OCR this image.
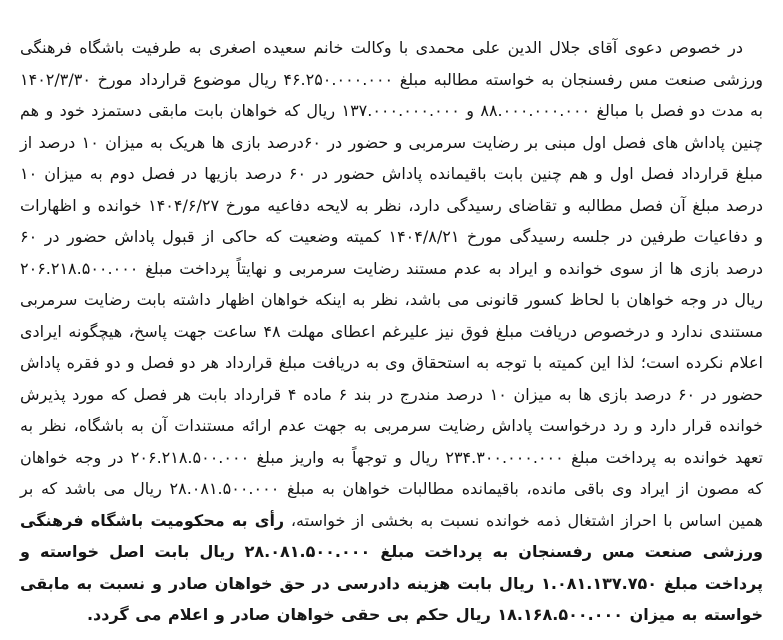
در خصوص دعوی آقای جلال الدین علی محمدی با وکالت خانم سعیده اصغری به طرفیت باشگاه فرهنگی ورزشی صنعت مس رفسنجان به خواسته مطالبه مبلغ ۴۶.۲۵۰.۰۰۰.۰۰۰ ریال موضوع قرارداد مورخ ۱۴۰۲/۳/۳۰ به مدت دو فصل با مبالغ ۸۸.۰۰۰.۰۰۰.۰۰۰ و ۱۳۷.۰۰۰.۰۰۰.۰۰۰ ریال که خواهان بابت مابقی دستمزد خود و هم چنین پاداش های فصل اول مبنی بر رضایت سرمربی و حضور در ۶۰درصد بازی ها هریک به میزان ۱۰ درصد از مبلغ قرارداد فصل اول و هم چنین بابت باقیمانده پاداش حضور در ۶۰ درصد بازیها در فصل دوم به میزان ۱۰ درصد مبلغ آن فصل مطالبه و تقاضای رسیدگی دارد، نظر به لایحه دفاعیه مورخ ۱۴۰۴/۶/۲۷ خوانده و اظهارات و دفاعیات طرفین در جلسه رسیدگی مورخ ۱۴۰۴/۸/۲۱ کمیته وضعیت که حاکی از قبول پاداش حضور در ۶۰ درصد بازی ها از سوی خوانده و ایراد به عدم مستند رضایت سرمربی و نهایتاً پرداخت مبلغ ۲۰۶.۲۱۸.۵۰۰.۰۰۰ ریال در وجه خواهان با لحاظ کسور قانونی می باشد، نظر به اینکه خواهان اظهار داشته بابت رضایت سرمربی مستندی ندارد و درخصوص دریافت مبلغ فوق نیز علیرغم اعطای مهلت ۴۸ ساعت جهت پاسخ، هیچگونه ایرادی اعلام نکرده است؛ لذا این کمیته با توجه به استحقاق وی به دریافت مبلغ قرارداد هر دو فصل و دو فقره پاداش حضور در ۶۰ درصد بازی ها به میزان ۱۰ درصد مندرج در بند ۶ ماده ۴ قرارداد بابت هر فصل که مورد پذیرش خوانده قرار دارد و رد درخواست پاداش رضایت سرمربی به جهت عدم ارائه مستندات آن به باشگاه، نظر به تعهد خوانده به پرداخت مبلغ ۲۳۴.۳۰۰.۰۰۰.۰۰۰ ریال و توجهاً به واریز مبلغ ۲۰۶.۲۱۸.۵۰۰.۰۰۰ در وجه خواهان که مصون از ایراد وی باقی مانده، باقیمانده مطالبات خواهان به مبلغ ۲۸.۰۸۱.۵۰۰.۰۰۰ ریال می باشد که بر همین اساس با احراز اشتغال ذمه خوانده نسبت به بخشی از خواسته، رأی به محکومیت باشگاه فرهنگی ورزشی صنعت مس رفسنجان به پرداخت مبلغ ۲۸.۰۸۱.۵۰۰.۰۰۰ ریال بابت اصل خواسته و پرداخت مبلغ ۱.۰۸۱.۱۳۷.۷۵۰ ریال بابت هزینه دادرسی در حق خواهان صادر و نسبت به مابقی خواسته به میزان ۱۸.۱۶۸.۵۰۰.۰۰۰ ریال حکم بی حقی خواهان صادر و اعلام می گردد.
